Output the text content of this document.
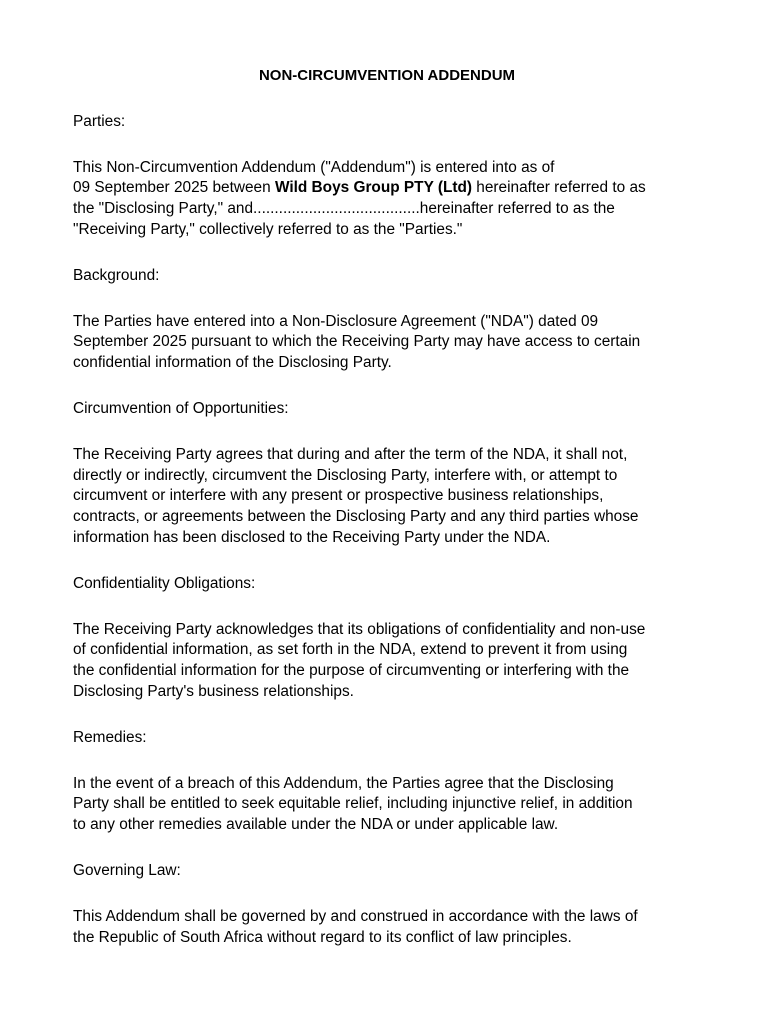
NON-CIRCUMVENTION ADDENDUM
Parties:
This Non-Circumvention Addendum ("Addendum") is entered into as of
09 September 2025 between Wild Boys Group PTY (Ltd) hereinafter referred to as
the "Disclosing Party," and.......................................hereinafter referred to as the
"Receiving Party," collectively referred to as the "Parties."
Background:
The Parties have entered into a Non-Disclosure Agreement ("NDA") dated 09
September 2025 pursuant to which the Receiving Party may have access to certain
confidential information of the Disclosing Party.
Circumvention of Opportunities:
The Receiving Party agrees that during and after the term of the NDA, it shall not,
directly or indirectly, circumvent the Disclosing Party, interfere with, or attempt to
circumvent or interfere with any present or prospective business relationships,
contracts, or agreements between the Disclosing Party and any third parties whose
information has been disclosed to the Receiving Party under the NDA.
Confidentiality Obligations:
The Receiving Party acknowledges that its obligations of confidentiality and non-use
of confidential information, as set forth in the NDA, extend to prevent it from using
the confidential information for the purpose of circumventing or interfering with the
Disclosing Party's business relationships.
Remedies:
In the event of a breach of this Addendum, the Parties agree that the Disclosing
Party shall be entitled to seek equitable relief, including injunctive relief, in addition
to any other remedies available under the NDA or under applicable law.
Governing Law:
This Addendum shall be governed by and construed in accordance with the laws of
the Republic of South Africa without regard to its conflict of law principles.
